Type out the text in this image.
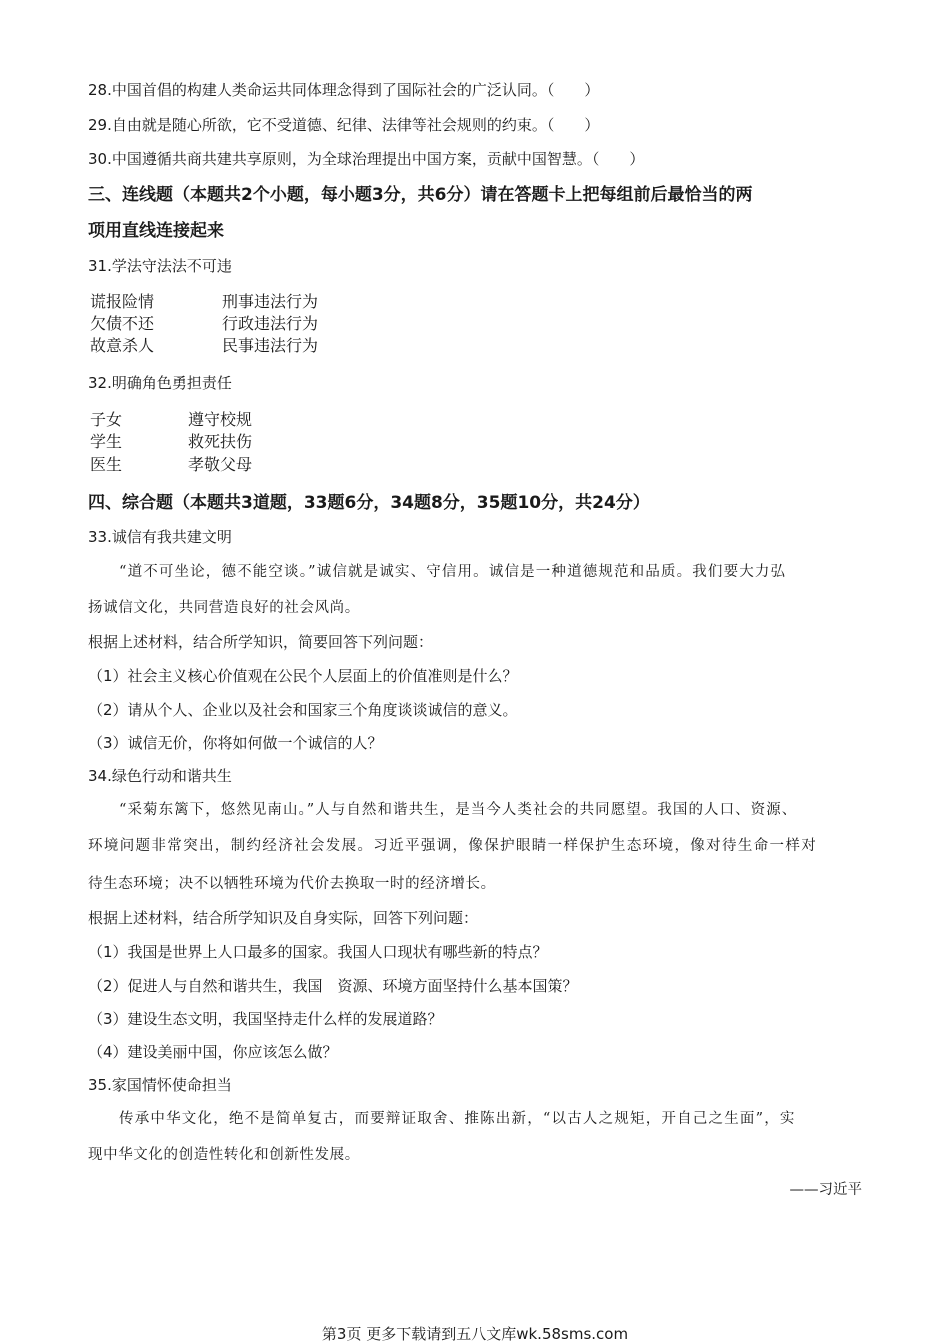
28.中国首倡的构建人类命运共同体理念得到了国际社会的广泛认同。（　　）
29.自由就是随心所欲，它不受道德、纪律、法律等社会规则的约束。（　　）
30.中国遵循共商共建共享原则，为全球治理提出中国方案，贡献中国智慧。（　　）
三、连线题（本题共2个小题，每小题3分，共6分）请在答题卡上把每组前后最恰当的两
项用直线连接起来
31.学法守法法不可违
谎报险情	刑事违法行为
欠债不还	行政违法行为
故意杀人	民事违法行为
32.明确角色勇担责任
子女	遵守校规
学生	救死扶伤
医生	孝敬父母
四、综合题（本题共3道题，33题6分，34题8分，35题10分，共24分）
33.诚信有我共建文明
“道不可坐论，德不能空谈。”诚信就是诚实、守信用。诚信是一种道德规范和品质。我们要大力弘
扬诚信文化，共同营造良好的社会风尚。
根据上述材料，结合所学知识，简要回答下列问题：
（1）社会主义核心价值观在公民个人层面上的价值准则是什么？
（2）请从个人、企业以及社会和国家三个角度谈谈诚信的意义。
（3）诚信无价，你将如何做一个诚信的人？
34.绿色行动和谐共生
“采菊东篱下，悠然见南山。”人与自然和谐共生，是当今人类社会的共同愿望。我国的人口、资源、
环境问题非常突出，制约经济社会发展。习近平强调，像保护眼睛一样保护生态环境，像对待生命一样对
待生态环境；决不以牺牲环境为代价去换取一时的经济增长。
根据上述材料，结合所学知识及自身实际，回答下列问题：
（1）我国是世界上人口最多的国家。我国人口现状有哪些新的特点？
（2）促进人与自然和谐共生，我国　资源、环境方面坚持什么基本国策？
（3）建设生态文明，我国坚持走什么样的发展道路？
（4）建设美丽中国，你应该怎么做？
35.家国情怀使命担当
传承中华文化，绝不是简单复古，而要辩证取舍、推陈出新，“以古人之规矩，开自己之生面”，实
现中华文化的创造性转化和创新性发展。
——习近平
第3页 更多下载请到五八文库wk.58sms.com
